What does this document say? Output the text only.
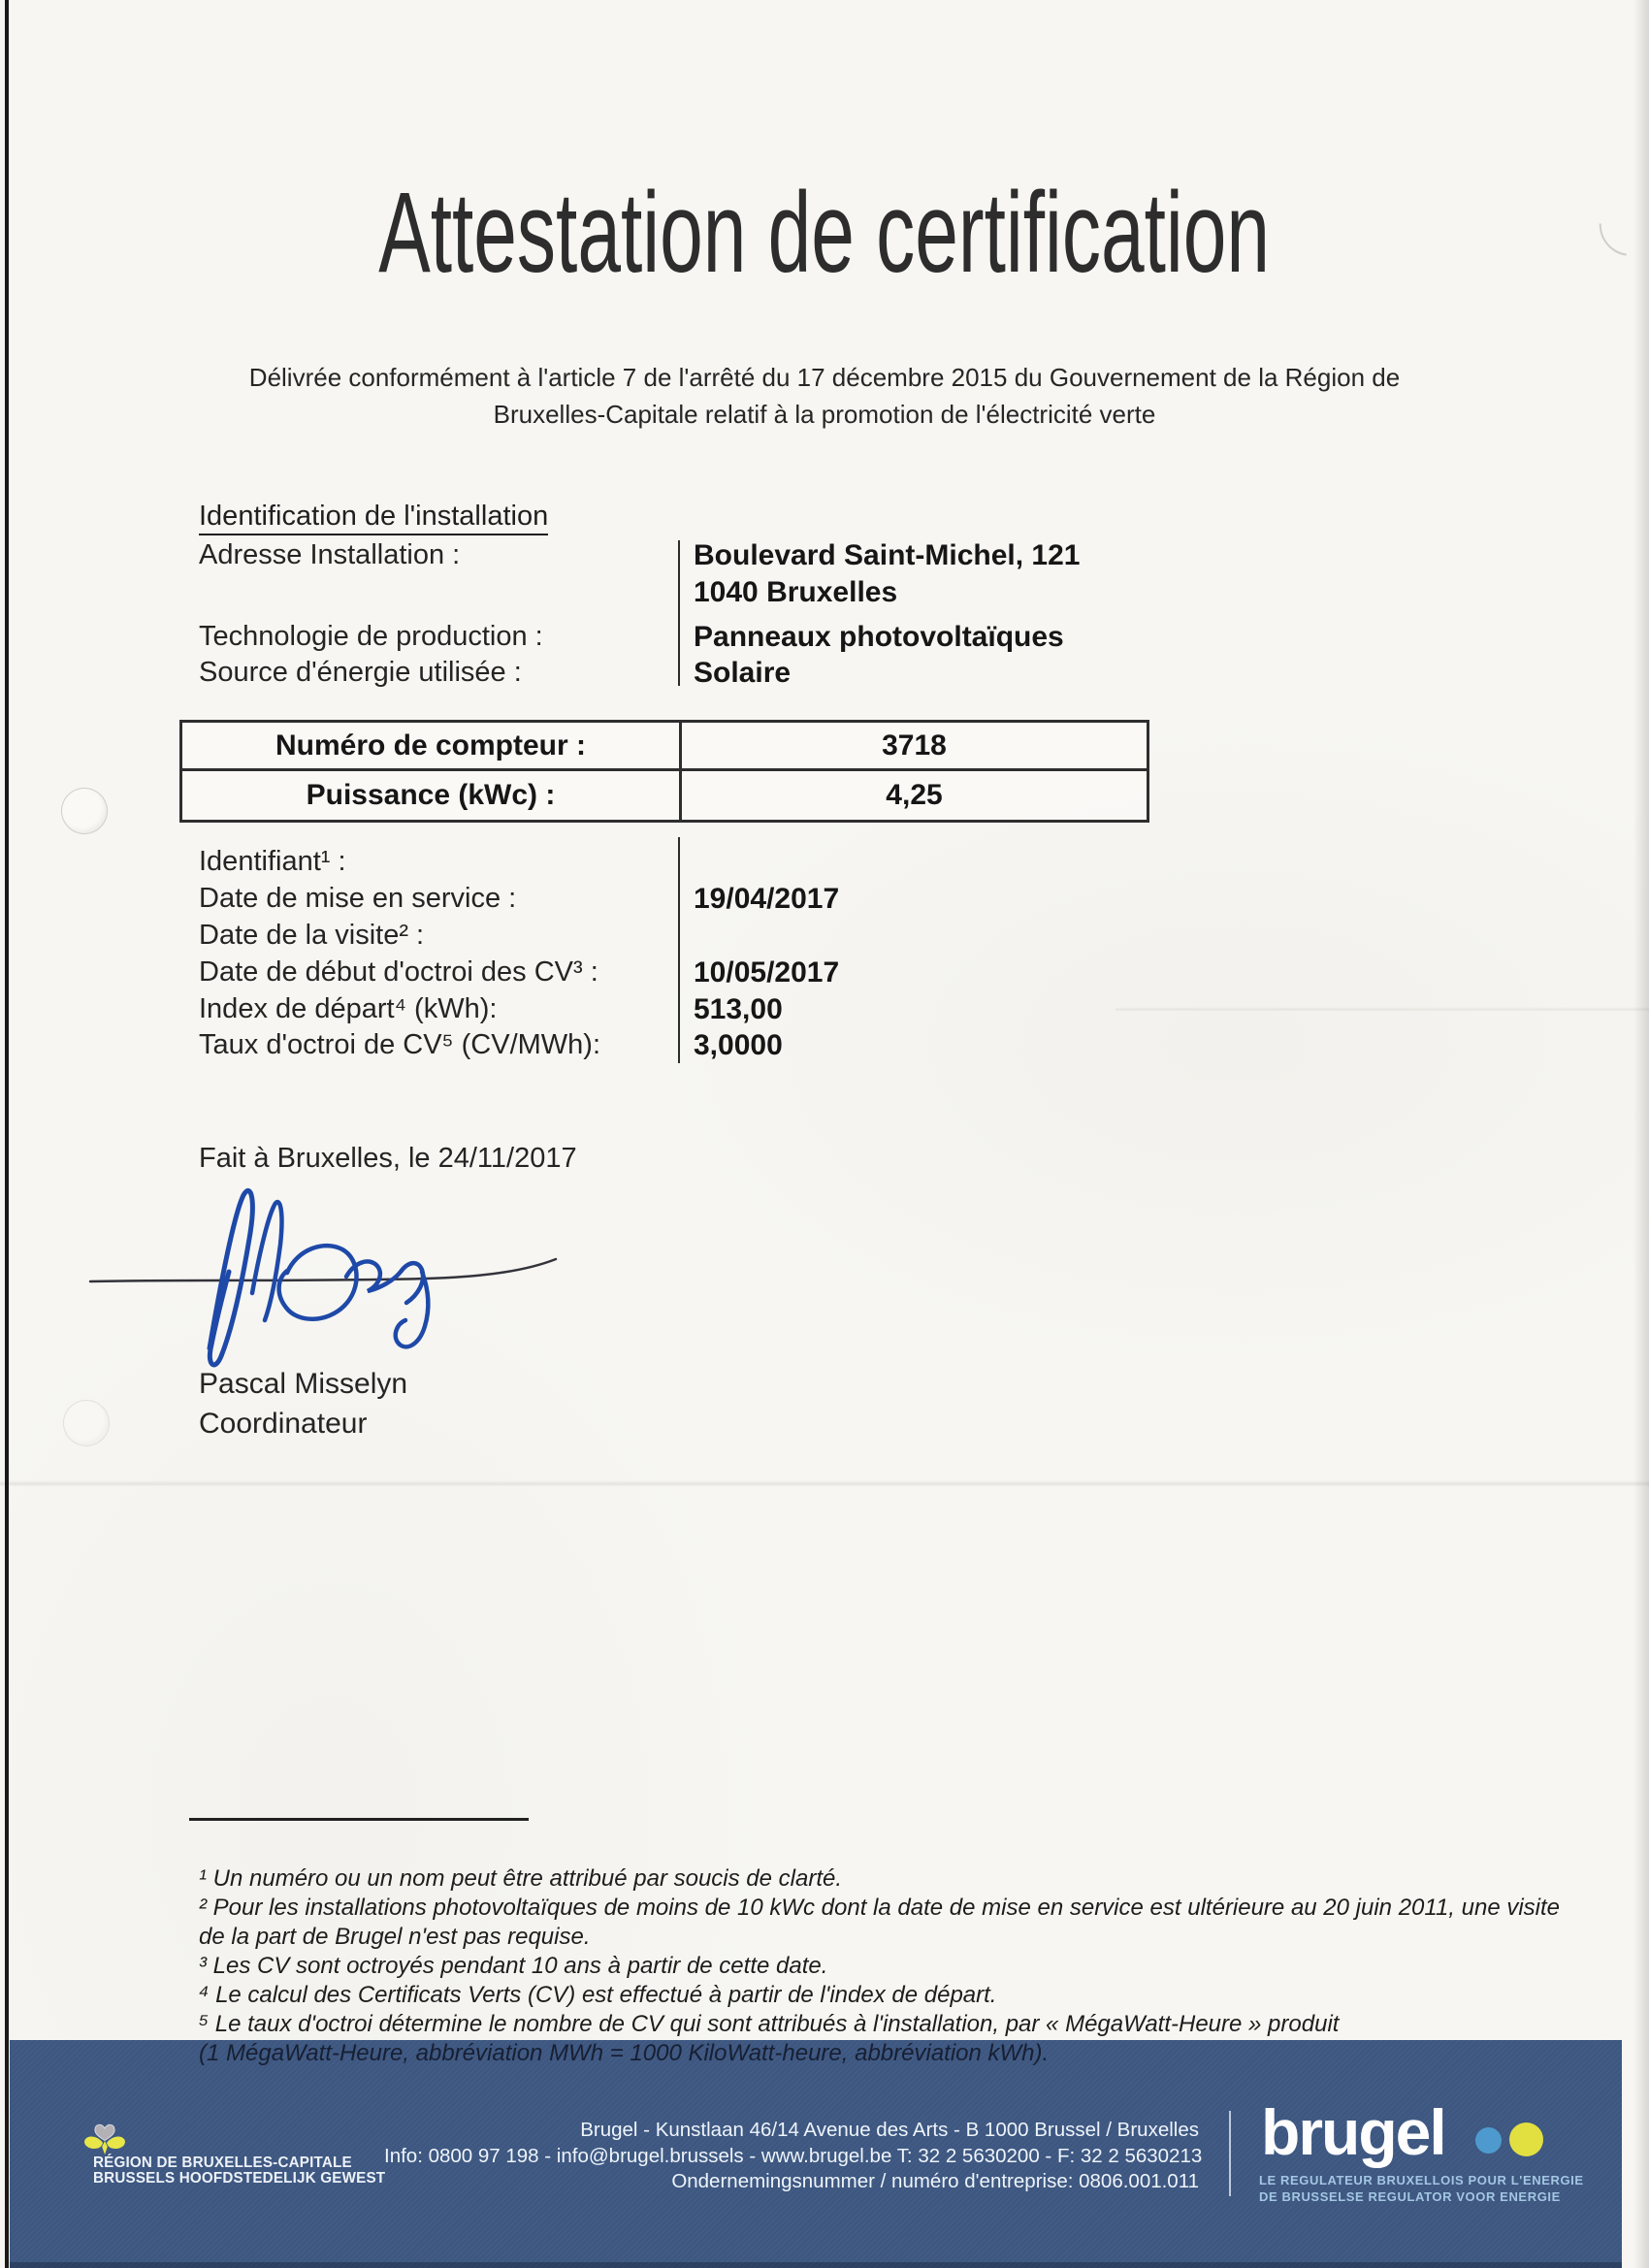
Attestation de certification
Délivrée conformément à l'article 7 de l'arrêté du 17 décembre 2015 du Gouvernement de la Région de
Bruxelles-Capitale relatif à la promotion de l'électricité verte
Identification de l'installation
Adresse Installation :	Boulevard Saint-Michel, 121
1040 Bruxelles
Technologie de production :	Panneaux photovoltaïques
Source d'énergie utilisée :	Solaire
Numéro de compteur :	3718
Puissance (kWc) :	4,25
Identifiant¹ :
Date de mise en service :	19/04/2017
Date de la visite² :
Date de début d'octroi des CV³ :	10/05/2017
Index de départ⁴ (kWh):	513,00
Taux d'octroi de CV⁵ (CV/MWh):	3,0000
Fait à Bruxelles, le 24/11/2017
Pascal Misselyn
Coordinateur
¹ Un numéro ou un nom peut être attribué par soucis de clarté.
² Pour les installations photovoltaïques de moins de 10 kWc dont la date de mise en service est ultérieure au 20 juin 2011, une visite
de la part de Brugel n'est pas requise.
³ Les CV sont octroyés pendant 10 ans à partir de cette date.
⁴ Le calcul des Certificats Verts (CV) est effectué à partir de l'index de départ.
⁵ Le taux d'octroi détermine le nombre de CV qui sont attribués à l'installation, par « MégaWatt-Heure » produit
(1 MégaWatt-Heure, abbréviation MWh = 1000 KiloWatt-heure, abbréviation kWh).
RÉGION DE BRUXELLES-CAPITALE
BRUSSELS HOOFDSTEDELIJK GEWEST
Brugel - Kunstlaan 46/14 Avenue des Arts - B 1000 Brussel / Bruxelles
Info: 0800 97 198 - info@brugel.brussels - www.brugel.be T: 32 2 5630200 - F: 32 2 5630213
Ondernemingsnummer / numéro d'entreprise: 0806.001.011
brugel
LE REGULATEUR BRUXELLOIS POUR L'ENERGIE
DE BRUSSELSE REGULATOR VOOR ENERGIE
